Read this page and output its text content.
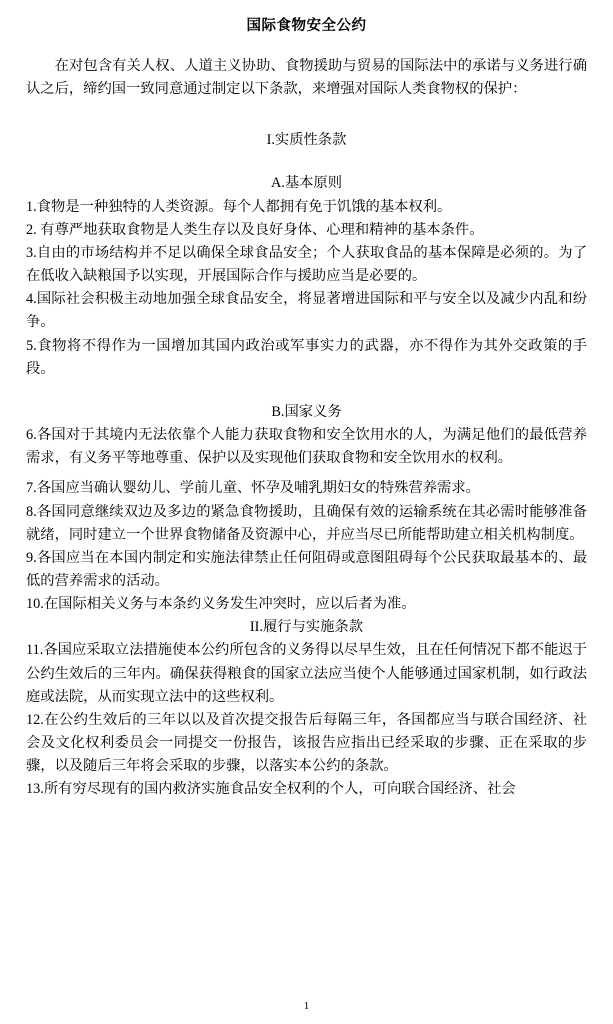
国际食物安全公约

在对包含有关人权、人道主义协助、食物援助与贸易的国际法中的承诺与义务进行确认之后，缔约国一致同意通过制定以下条款，来增强对国际人类食物权的保护：

I.实质性条款

A.基本原则

1.食物是一种独特的人类资源。每个人都拥有免于饥饿的基本权利。

2. 有尊严地获取食物是人类生存以及良好身体、心理和精神的基本条件。

3.自由的市场结构并不足以确保全球食品安全；个人获取食品的基本保障是必须的。为了在低收入缺粮国予以实现，开展国际合作与援助应当是必要的。

4.国际社会积极主动地加强全球食品安全，将显著增进国际和平与安全以及减少内乱和纷争。

5.食物将不得作为一国增加其国内政治或军事实力的武器，亦不得作为其外交政策的手段。

B.国家义务

6.各国对于其境内无法依靠个人能力获取食物和安全饮用水的人，为满足他们的最低营养需求，有义务平等地尊重、保护以及实现他们获取食物和安全饮用水的权利。

7.各国应当确认婴幼儿、学前儿童、怀孕及哺乳期妇女的特殊营养需求。

8.各国同意继续双边及多边的紧急食物援助，且确保有效的运输系统在其必需时能够准备就绪，同时建立一个世界食物储备及资源中心，并应当尽已所能帮助建立相关机构制度。

9.各国应当在本国内制定和实施法律禁止任何阻碍或意图阻碍每个公民获取最基本的、最低的营养需求的活动。

10.在国际相关义务与本条约义务发生冲突时，应以后者为准。

II.履行与实施条款

11.各国应采取立法措施使本公约所包含的义务得以尽早生效，且在任何情况下都不能迟于公约生效后的三年内。确保获得粮食的国家立法应当使个人能够通过国家机制，如行政法庭或法院，从而实现立法中的这些权利。

12.在公约生效后的三年以以及首次提交报告后每隔三年，各国都应当与联合国经济、社会及文化权利委员会一同提交一份报告，该报告应指出已经采取的步骤、正在采取的步骤，以及随后三年将会采取的步骤，以落实本公约的条款。

13.所有穷尽现有的国内救济实施食品安全权利的个人，可向联合国经济、社会

1
